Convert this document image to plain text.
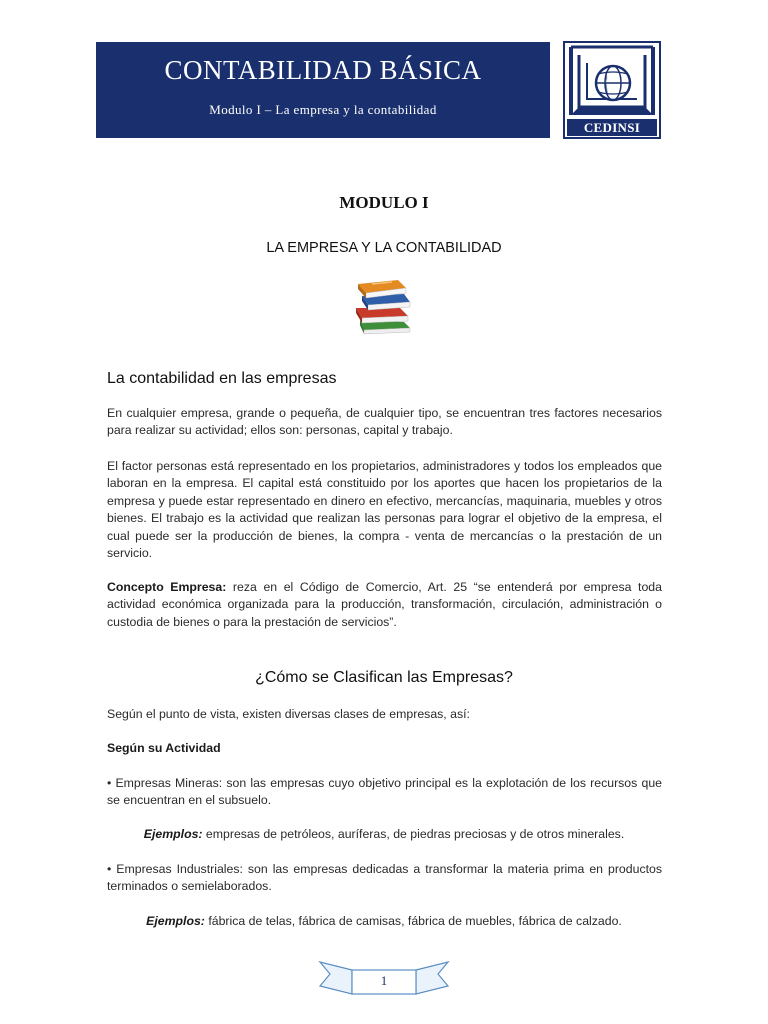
CONTABILIDAD BÁSICA
Modulo I – La empresa y la contabilidad
CEDINSI
MODULO I
LA EMPRESA Y LA CONTABILIDAD
La contabilidad en las empresas

En cualquier empresa, grande o pequeña, de cualquier tipo, se encuentran tres factores necesarios para realizar su actividad; ellos son: personas, capital y trabajo.

El factor personas está representado en los propietarios, administradores y todos los empleados que laboran en la empresa. El capital está constituido por los aportes que hacen los propietarios de la empresa y puede estar representado en dinero en efectivo, mercancías, maquinaria, muebles y otros bienes. El trabajo es la actividad que realizan las personas para lograr el objetivo de la empresa, el cual puede ser la producción de bienes, la compra - venta de mercancías o la prestación de un servicio.

Concepto Empresa: reza en el Código de Comercio, Art. 25 “se entenderá por empresa toda actividad económica organizada para la producción, transformación, circulación, administración o custodia de bienes o para la prestación de servicios”.

¿Cómo se Clasifican las Empresas?

Según el punto de vista, existen diversas clases de empresas, así:

Según su Actividad

• Empresas Mineras: son las empresas cuyo objetivo principal es la explotación de los recursos que se encuentran en el subsuelo.

Ejemplos: empresas de petróleos, auríferas, de piedras preciosas y de otros minerales.

• Empresas Industriales: son las empresas dedicadas a transformar la materia prima en productos terminados o semielaborados.

Ejemplos: fábrica de telas, fábrica de camisas, fábrica de muebles, fábrica de calzado.
1
